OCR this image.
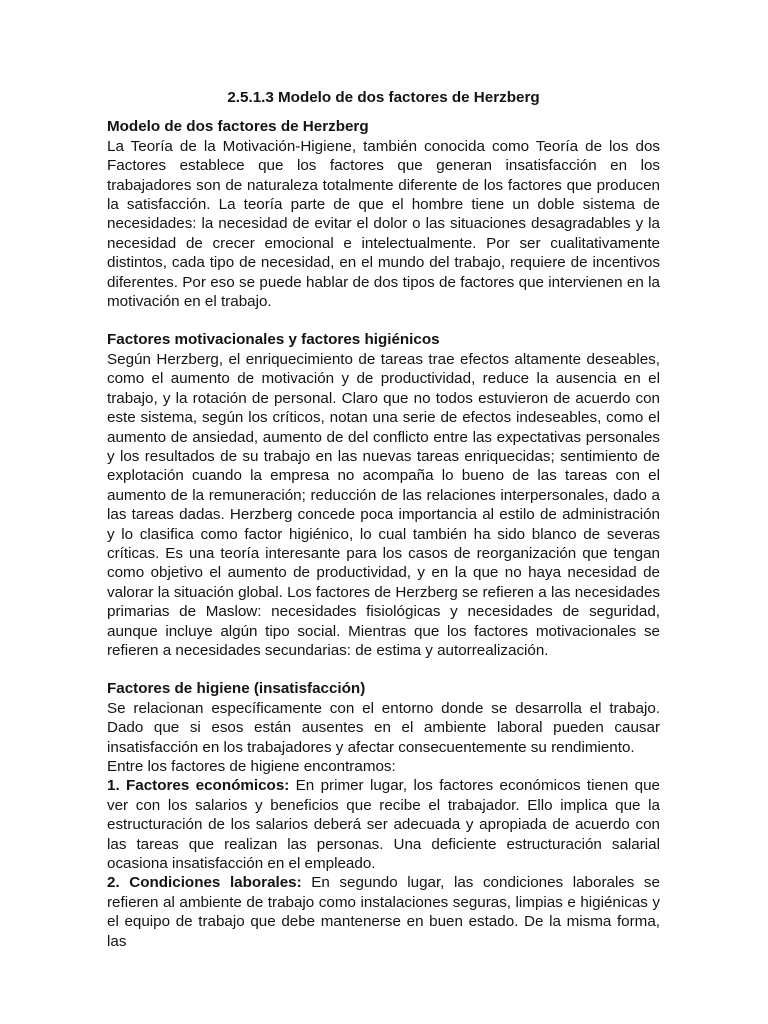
2.5.1.3 Modelo de dos factores de Herzberg

Modelo de dos factores de Herzberg

La Teoría de la Motivación-Higiene, también conocida como Teoría de los dos Factores establece que los factores que generan insatisfacción en los trabajadores son de naturaleza totalmente diferente de los factores que producen la satisfacción. La teoría parte de que el hombre tiene un doble sistema de necesidades: la necesidad de evitar el dolor o las situaciones desagradables y la necesidad de crecer emocional e intelectualmente. Por ser cualitativamente distintos, cada tipo de necesidad, en el mundo del trabajo, requiere de incentivos diferentes. Por eso se puede hablar de dos tipos de factores que intervienen en la motivación en el trabajo.

Factores motivacionales y factores higiénicos

Según Herzberg, el enriquecimiento de tareas trae efectos altamente deseables, como el aumento de motivación y de productividad, reduce la ausencia en el trabajo, y la rotación de personal. Claro que no todos estuvieron de acuerdo con este sistema, según los críticos, notan una serie de efectos indeseables, como el aumento de ansiedad, aumento de del conflicto entre las expectativas personales y los resultados de su trabajo en las nuevas tareas enriquecidas; sentimiento de explotación cuando la empresa no acompaña lo bueno de las tareas con el aumento de la remuneración; reducción de las relaciones interpersonales, dado a las tareas dadas. Herzberg concede poca importancia al estilo de administración y lo clasifica como factor higiénico, lo cual también ha sido blanco de severas críticas. Es una teoría interesante para los casos de reorganización que tengan como objetivo el aumento de productividad, y en la que no haya necesidad de valorar la situación global. Los factores de Herzberg se refieren a las necesidades primarias de Maslow: necesidades fisiológicas y necesidades de seguridad, aunque incluye algún tipo social. Mientras que los factores motivacionales se refieren a necesidades secundarias: de estima y autorrealización.

Factores de higiene (insatisfacción)

Se relacionan específicamente con el entorno donde se desarrolla el trabajo. Dado que si esos están ausentes en el ambiente laboral pueden causar insatisfacción en los trabajadores y afectar consecuentemente su rendimiento.

Entre los factores de higiene encontramos:

1. Factores económicos: En primer lugar, los factores económicos tienen que ver con los salarios y beneficios que recibe el trabajador. Ello implica que la estructuración de los salarios deberá ser adecuada y apropiada de acuerdo con las tareas que realizan las personas. Una deficiente estructuración salarial ocasiona insatisfacción en el empleado.

2. Condiciones laborales: En segundo lugar, las condiciones laborales se refieren al ambiente de trabajo como instalaciones seguras, limpias e higiénicas y el equipo de trabajo que debe mantenerse en buen estado. De la misma forma, las
